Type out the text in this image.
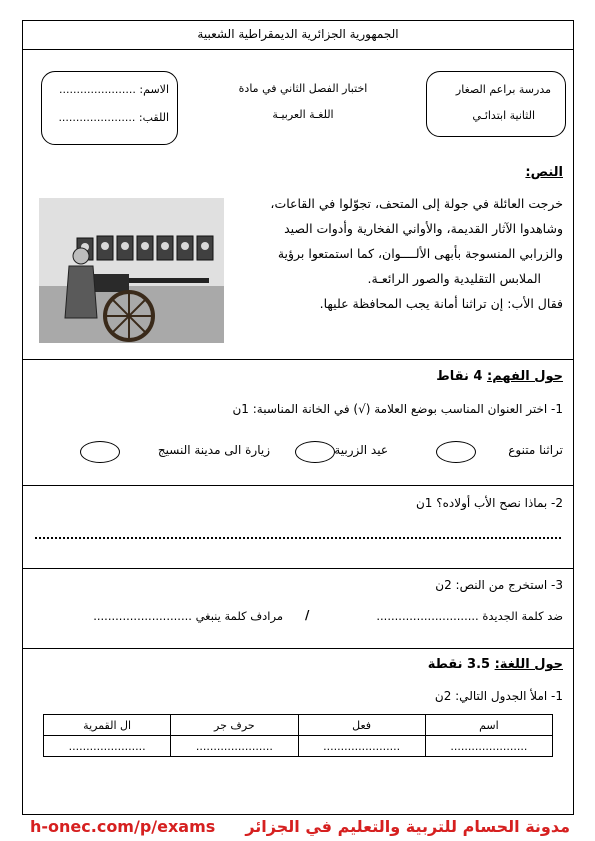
الجمهورية الجزائرية الديمقراطية الشعبية
مدرسة براعم الصغار
الثانية ابتدائـي
اختبار الفصل الثاني في مادة
اللغـة العربيـة
الاسم: ......................
اللقب: ......................
النص:
خرجت العائلة في جولة إلى المتحف، تجوّلوا في القاعات،
وشاهدوا الآثار القديمة، والأواني الفخارية وأدوات الصيد
والزرابي المنسوجة بأبهى الألــــوان، كما استمتعوا برؤية
الملابس التقليدية والصور الرائعـة.
فقال الأب: إن تراثنا أمانة يجب المحافظة عليها.
حول الفهم: 4 نقاط
1- اختر العنوان المناسب بوضع العلامة (√) في الخانة المناسبة: 1ن
تراثنا متنوع
عيد الزربية
زيارة الى مدينة النسيج
2- بماذا نصح الأب أولاده؟ 1ن
3- استخرج من النص: 2ن
ضد كلمة الجديدة ............................
/
مرادف كلمة ينبغي ...........................
حول اللغة: 3.5 نقطة
1- املأ الجدول التالي: 2ن
اسم	فعل	حرف جر	ال القمرية
......................	......................	......................	......................
h-onec.com/p/exams مدونة الحسام للتربية والتعليم في الجزائر
